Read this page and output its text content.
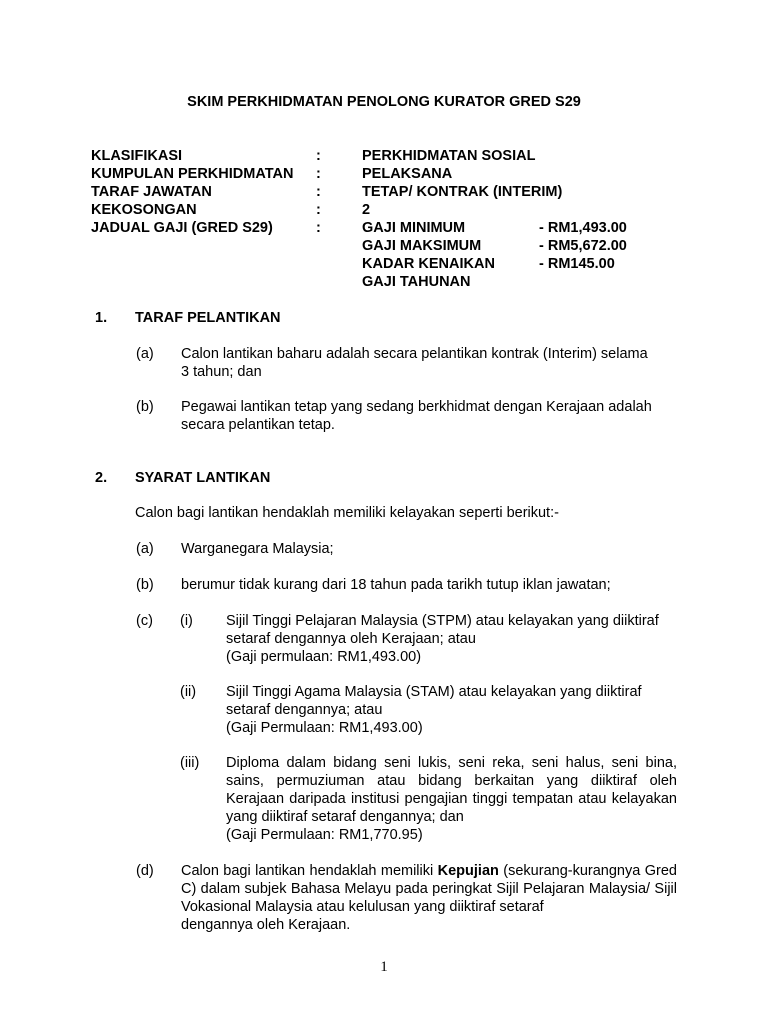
SKIM PERKHIDMATAN PENOLONG KURATOR GRED S29
KLASIFIKASI	:	PERKHIDMATAN SOSIAL
KUMPULAN PERKHIDMATAN :	PELAKSANA
TARAF JAWATAN	:	TETAP/ KONTRAK (INTERIM)
KEKOSONGAN	:	2
JADUAL GAJI (GRED S29)	:	GAJI MINIMUM	- RM1,493.00
GAJI MAKSIMUM	- RM5,672.00
KADAR KENAIKAN	- RM145.00
GAJI TAHUNAN
1. TARAF PELANTIKAN
(a) Calon lantikan baharu adalah secara pelantikan kontrak (Interim) selama
3 tahun; dan
(b) Pegawai lantikan tetap yang sedang berkhidmat dengan Kerajaan adalah
secara pelantikan tetap.
2. SYARAT LANTIKAN
Calon bagi lantikan hendaklah memiliki kelayakan seperti berikut:-
(a) Warganegara Malaysia;
(b) berumur tidak kurang dari 18 tahun pada tarikh tutup iklan jawatan;
(c) (i) Sijil Tinggi Pelajaran Malaysia (STPM) atau kelayakan yang diiktiraf
setaraf dengannya oleh Kerajaan; atau
(Gaji permulaan: RM1,493.00)
(ii) Sijil Tinggi Agama Malaysia (STAM) atau kelayakan yang diiktiraf
setaraf dengannya; atau
(Gaji Permulaan: RM1,493.00)
(iii) Diploma dalam bidang seni lukis, seni reka, seni halus, seni bina, sains, permuziuman atau bidang berkaitan yang diiktiraf oleh Kerajaan daripada institusi pengajian tinggi tempatan atau kelayakan yang diiktiraf setaraf dengannya; dan
(Gaji Permulaan: RM1,770.95)
(d) Calon bagi lantikan hendaklah memiliki Kepujian (sekurang-kurangnya Gred C) dalam subjek Bahasa Melayu pada peringkat Sijil Pelajaran Malaysia/ Sijil Vokasional Malaysia atau kelulusan yang diiktiraf setaraf
dengannya oleh Kerajaan.
1
